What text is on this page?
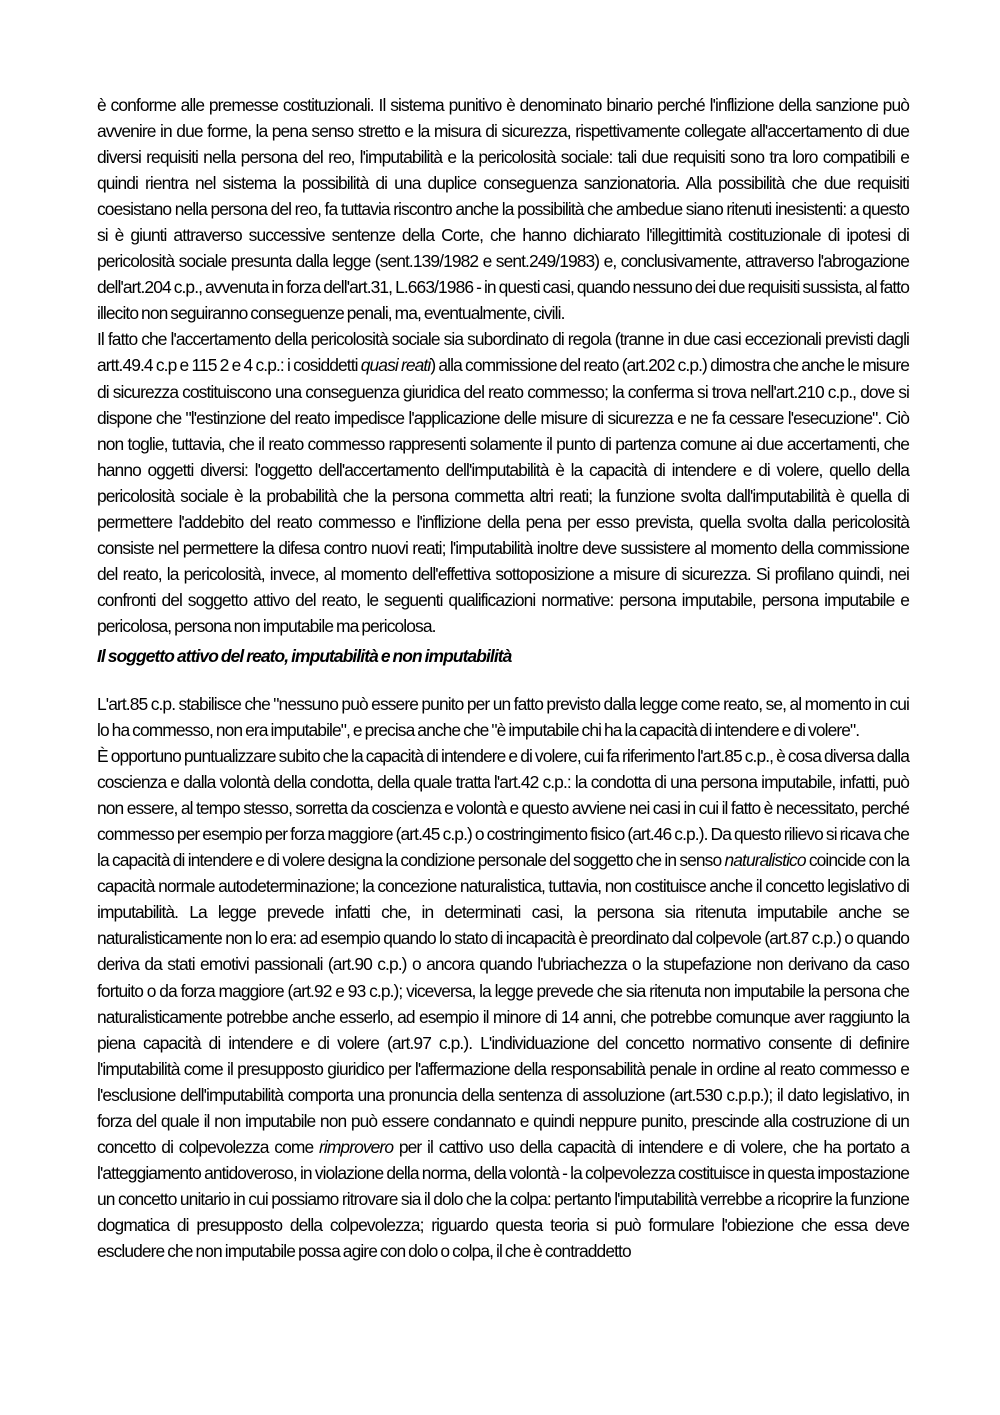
è conforme alle premesse costituzionali. Il sistema punitivo è denominato binario perché l'inflizione della sanzione può avvenire in due forme, la pena senso stretto e la misura di sicurezza, rispettivamente collegate all'accertamento di due diversi requisiti nella persona del reo, l'imputabilità e la pericolosità sociale: tali due requisiti sono tra loro compatibili e quindi rientra nel sistema la possibilità di una duplice conseguenza sanzionatoria. Alla possibilità che due requisiti coesistano nella persona del reo, fa tuttavia riscontro anche la possibilità che ambedue siano ritenuti inesistenti: a questo si è giunti attraverso successive sentenze della Corte, che hanno dichiarato l'illegittimità costituzionale di ipotesi di pericolosità sociale presunta dalla legge (sent.139/1982 e sent.249/1983) e, conclusivamente, attraverso l'abrogazione dell'art.204 c.p., avvenuta in forza dell'art.31, L.663/1986 - in questi casi, quando nessuno dei due requisiti sussista, al fatto illecito non seguiranno conseguenze penali, ma, eventualmente, civili.

Il fatto che l'accertamento della pericolosità sociale sia subordinato di regola (tranne in due casi eccezionali previsti dagli artt.49.4 c.p e 115 2 e 4 c.p.: i cosiddetti quasi reati) alla commissione del reato (art.202 c.p.) dimostra che anche le misure di sicurezza costituiscono una conseguenza giuridica del reato commesso; la conferma si trova nell'art.210 c.p., dove si dispone che "l'estinzione del reato impedisce l'applicazione delle misure di sicurezza e ne fa cessare l'esecuzione". Ciò non toglie, tuttavia, che il reato commesso rappresenti solamente il punto di partenza comune ai due accertamenti, che hanno oggetti diversi: l'oggetto dell'accertamento dell'imputabilità è la capacità di intendere e di volere, quello della pericolosità sociale è la probabilità che la persona commetta altri reati; la funzione svolta dall'imputabilità è quella di permettere l'addebito del reato commesso e l'inflizione della pena per esso prevista, quella svolta dalla pericolosità consiste nel permettere la difesa contro nuovi reati; l'imputabilità inoltre deve sussistere al momento della commissione del reato, la pericolosità, invece, al momento dell'effettiva sottoposizione a misure di sicurezza. Si profilano quindi, nei confronti del soggetto attivo del reato, le seguenti qualificazioni normative: persona imputabile, persona imputabile e pericolosa, persona non imputabile ma pericolosa.

Il soggetto attivo del reato, imputabilità e non imputabilità

L'art.85 c.p. stabilisce che "nessuno può essere punito per un fatto previsto dalla legge come reato, se, al momento in cui lo ha commesso, non era imputabile", e precisa anche che "è imputabile chi ha la capacità di intendere e di volere".

È opportuno puntualizzare subito che la capacità di intendere e di volere, cui fa riferimento l'art.85 c.p., è cosa diversa dalla coscienza e dalla volontà della condotta, della quale tratta l'art.42 c.p.: la condotta di una persona imputabile, infatti, può non essere, al tempo stesso, sorretta da coscienza e volontà e questo avviene nei casi in cui il fatto è necessitato, perché commesso per esempio per forza maggiore (art.45 c.p.) o costringimento fisico (art.46 c.p.). Da questo rilievo si ricava che la capacità di intendere e di volere designa la condizione personale del soggetto che in senso naturalistico coincide con la capacità normale autodeterminazione; la concezione naturalistica, tuttavia, non costituisce anche il concetto legislativo di imputabilità. La legge prevede infatti che, in determinati casi, la persona sia ritenuta imputabile anche se naturalisticamente non lo era: ad esempio quando lo stato di incapacità è preordinato dal colpevole (art.87 c.p.) o quando deriva da stati emotivi passionali (art.90 c.p.) o ancora quando l'ubriachezza o la stupefazione non derivano da caso fortuito o da forza maggiore (art.92 e 93 c.p.); viceversa, la legge prevede che sia ritenuta non imputabile la persona che naturalisticamente potrebbe anche esserlo, ad esempio il minore di 14 anni, che potrebbe comunque aver raggiunto la piena capacità di intendere e di volere (art.97 c.p.). L'individuazione del concetto normativo consente di definire l'imputabilità come il presupposto giuridico per l'affermazione della responsabilità penale in ordine al reato commesso e l'esclusione dell'imputabilità comporta una pronuncia della sentenza di assoluzione (art.530 c.p.p.); il dato legislativo, in forza del quale il non imputabile non può essere condannato e quindi neppure punito, prescinde alla costruzione di un concetto di colpevolezza come rimprovero per il cattivo uso della capacità di intendere e di volere, che ha portato a l'atteggiamento antidoveroso, in violazione della norma, della volontà - la colpevolezza costituisce in questa impostazione un concetto unitario in cui possiamo ritrovare sia il dolo che la colpa: pertanto l'imputabilità verrebbe a ricoprire la funzione dogmatica di presupposto della colpevolezza; riguardo questa teoria si può formulare l'obiezione che essa deve escludere che non imputabile possa agire con dolo o colpa, il che è contraddetto
